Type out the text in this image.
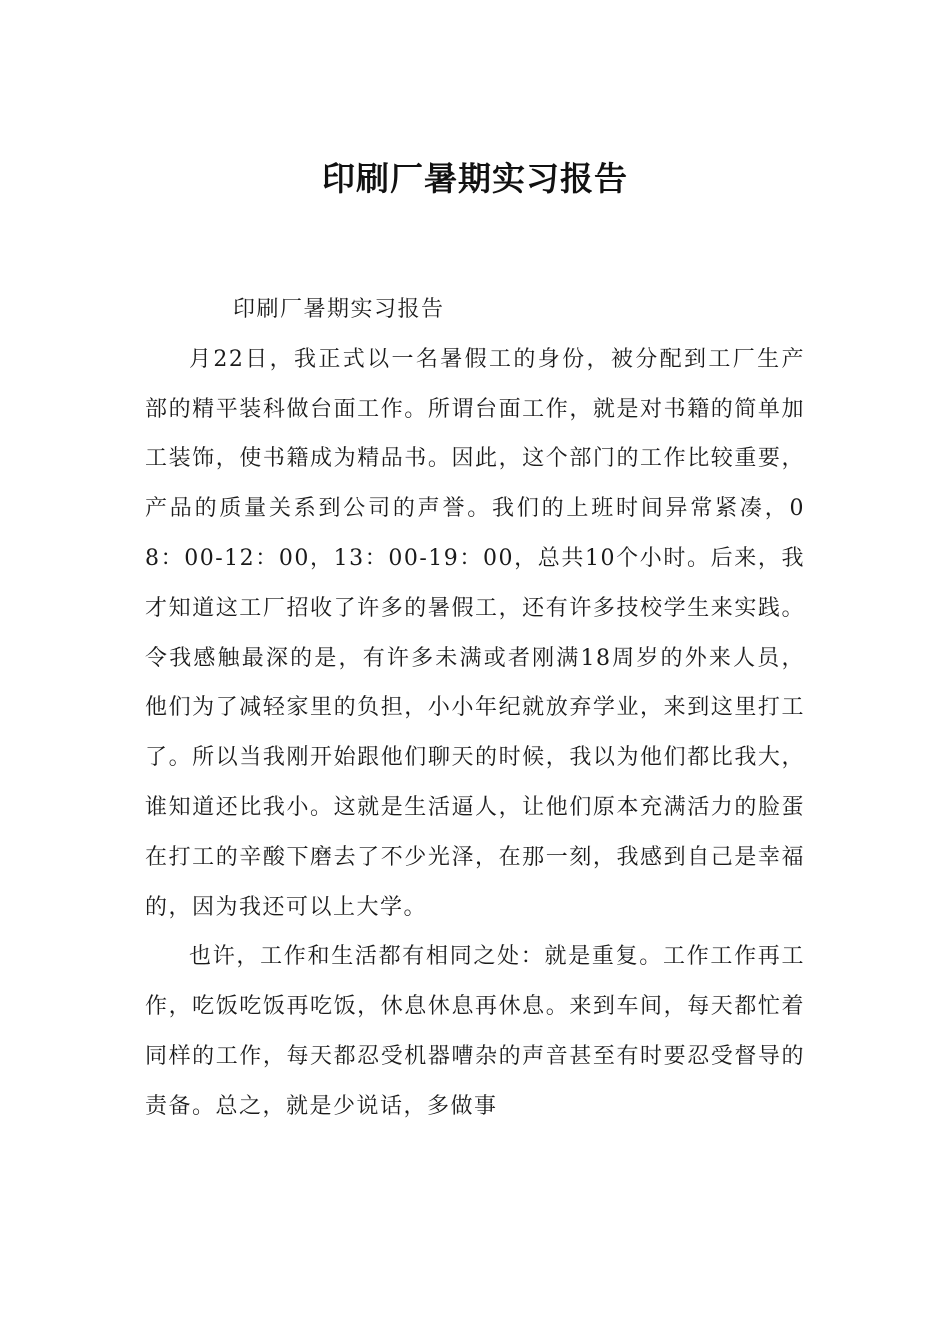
印刷厂暑期实习报告

印刷厂暑期实习报告

月22日，我正式以一名暑假工的身份，被分配到工厂生产部的精平装科做台面工作。所谓台面工作，就是对书籍的简单加工装饰，使书籍成为精品书。因此，这个部门的工作比较重要，产品的质量关系到公司的声誉。我们的上班时间异常紧凑，08：00-12：00，13：00-19：00，总共10个小时。后来，我才知道这工厂招收了许多的暑假工，还有许多技校学生来实践。令我感触最深的是，有许多未满或者刚满18周岁的外来人员，他们为了减轻家里的负担，小小年纪就放弃学业，来到这里打工了。所以当我刚开始跟他们聊天的时候，我以为他们都比我大，谁知道还比我小。这就是生活逼人，让他们原本充满活力的脸蛋在打工的辛酸下磨去了不少光泽，在那一刻，我感到自己是幸福的，因为我还可以上大学。

也许，工作和生活都有相同之处：就是重复。工作工作再工作，吃饭吃饭再吃饭，休息休息再休息。来到车间，每天都忙着同样的工作，每天都忍受机器嘈杂的声音甚至有时要忍受督导的责备。总之，就是少说话，多做事
